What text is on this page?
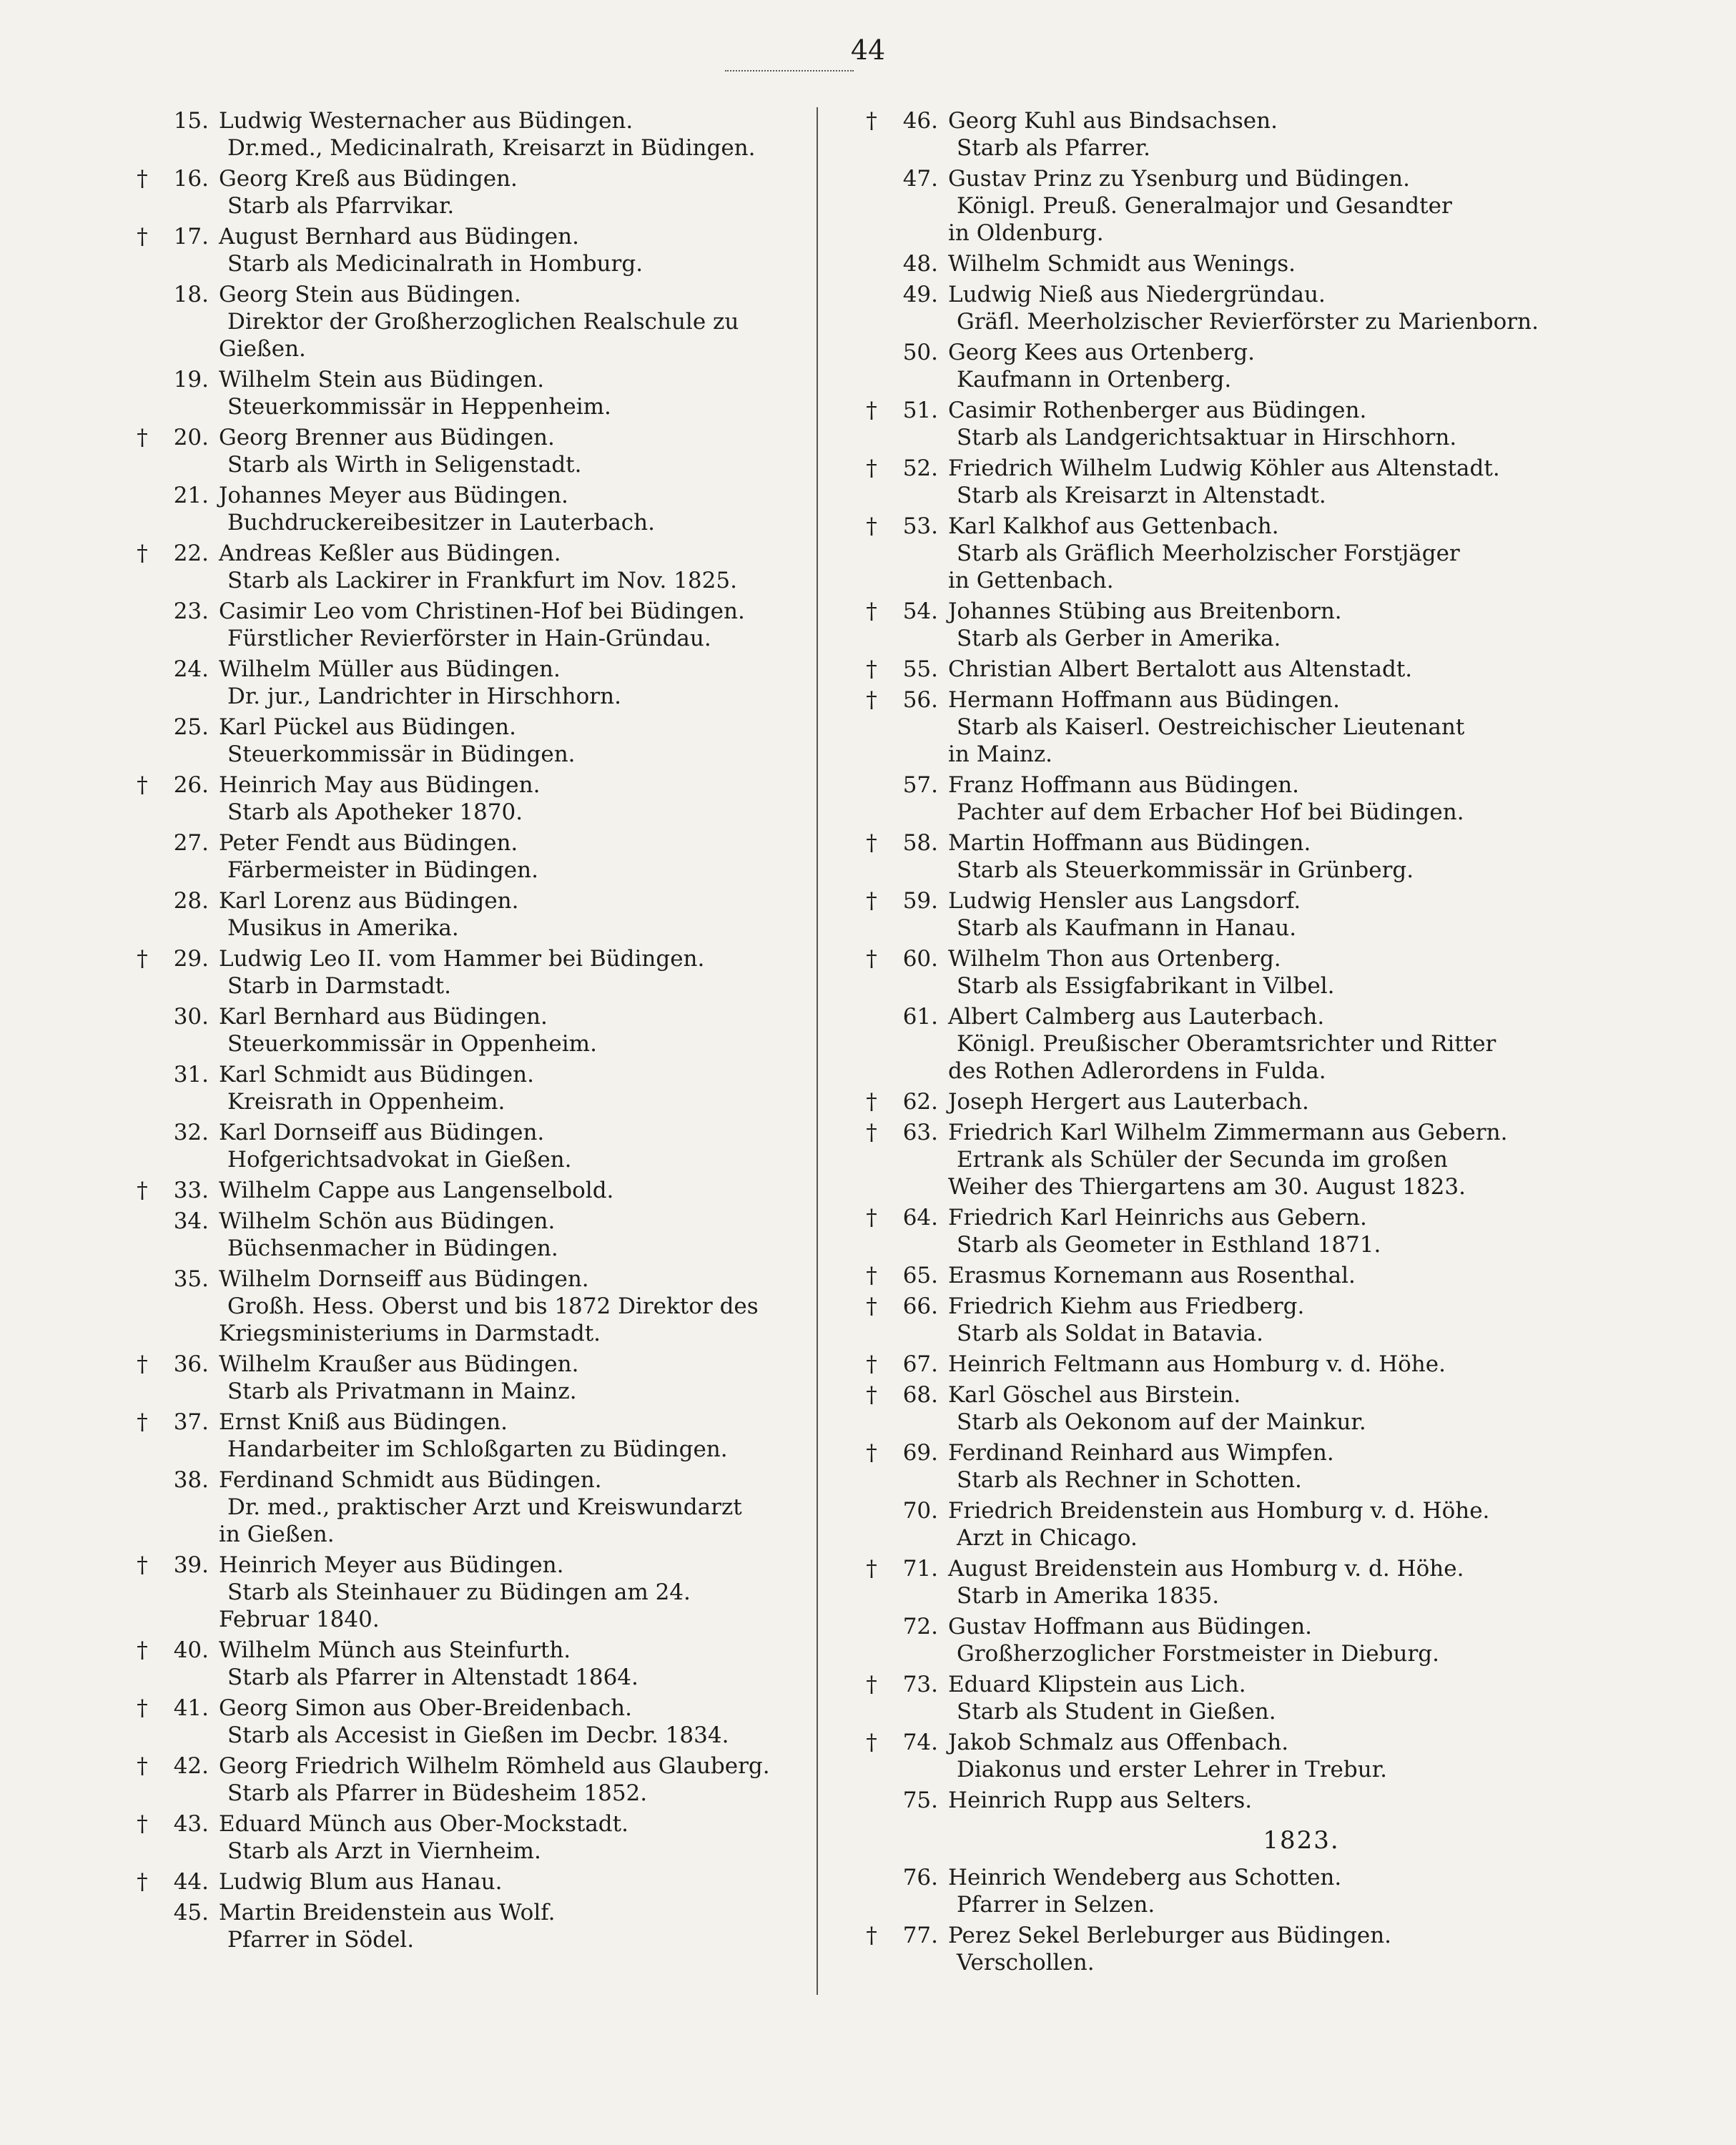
44
15. Ludwig Westernacher aus Büdingen.
Dr.med., Medicinalrath, Kreisarzt in Büdingen.
†	16. Georg Kreß aus Büdingen.
Starb als Pfarrvikar.
†	17. August Bernhard aus Büdingen.
Starb als Medicinalrath in Homburg.
18. Georg Stein aus Büdingen.
Direktor der Großherzoglichen Realschule zu
Gießen.
19. Wilhelm Stein aus Büdingen.
Steuerkommissär in Heppenheim.
†	20. Georg Brenner aus Büdingen.
Starb als Wirth in Seligenstadt.
21. Johannes Meyer aus Büdingen.
Buchdruckereibesitzer in Lauterbach.
†	22. Andreas Keßler aus Büdingen.
Starb als Lackirer in Frankfurt im Nov. 1825.
23. Casimir Leo vom Christinen-Hof bei Büdingen.
Fürstlicher Revierförster in Hain-Gründau.
24. Wilhelm Müller aus Büdingen.
Dr. jur., Landrichter in Hirschhorn.
25. Karl Pückel aus Büdingen.
Steuerkommissär in Büdingen.
†	26. Heinrich May aus Büdingen.
Starb als Apotheker 1870.
27. Peter Fendt aus Büdingen.
Färbermeister in Büdingen.
28. Karl Lorenz aus Büdingen.
Musikus in Amerika.
†	29. Ludwig Leo II. vom Hammer bei Büdingen.
Starb in Darmstadt.
30. Karl Bernhard aus Büdingen.
Steuerkommissär in Oppenheim.
31. Karl Schmidt aus Büdingen.
Kreisrath in Oppenheim.
32. Karl Dornseiff aus Büdingen.
Hofgerichtsadvokat in Gießen.
†	33. Wilhelm Cappe aus Langenselbold.
34. Wilhelm Schön aus Büdingen.
Büchsenmacher in Büdingen.
35. Wilhelm Dornseiff aus Büdingen.
Großh. Hess. Oberst und bis 1872 Direktor des
Kriegsministeriums in Darmstadt.
†	36. Wilhelm Kraußer aus Büdingen.
Starb als Privatmann in Mainz.
†	37. Ernst Kniß aus Büdingen.
Handarbeiter im Schloßgarten zu Büdingen.
38. Ferdinand Schmidt aus Büdingen.
Dr. med., praktischer Arzt und Kreiswundarzt
in Gießen.
†	39. Heinrich Meyer aus Büdingen.
Starb als Steinhauer zu Büdingen am 24.
Februar 1840.
†	40. Wilhelm Münch aus Steinfurth.
Starb als Pfarrer in Altenstadt 1864.
†	41. Georg Simon aus Ober-Breidenbach.
Starb als Accesist in Gießen im Decbr. 1834.
†	42. Georg Friedrich Wilhelm Römheld aus Glauberg.
Starb als Pfarrer in Büdesheim 1852.
†	43. Eduard Münch aus Ober-Mockstadt.
Starb als Arzt in Viernheim.
†	44. Ludwig Blum aus Hanau.
45. Martin Breidenstein aus Wolf.
Pfarrer in Södel.
†	46. Georg Kuhl aus Bindsachsen.
Starb als Pfarrer.
47. Gustav Prinz zu Ysenburg und Büdingen.
Königl. Preuß. Generalmajor und Gesandter
in Oldenburg.
48. Wilhelm Schmidt aus Wenings.
49. Ludwig Nieß aus Niedergründau.
Gräfl. Meerholzischer Revierförster zu Marienborn.
50. Georg Kees aus Ortenberg.
Kaufmann in Ortenberg.
†	51. Casimir Rothenberger aus Büdingen.
Starb als Landgerichtsaktuar in Hirschhorn.
†	52. Friedrich Wilhelm Ludwig Köhler aus Altenstadt.
Starb als Kreisarzt in Altenstadt.
†	53. Karl Kalkhof aus Gettenbach.
Starb als Gräflich Meerholzischer Forstjäger
in Gettenbach.
†	54. Johannes Stübing aus Breitenborn.
Starb als Gerber in Amerika.
†	55. Christian Albert Bertalott aus Altenstadt.
†	56. Hermann Hoffmann aus Büdingen.
Starb als Kaiserl. Oestreichischer Lieutenant
in Mainz.
57. Franz Hoffmann aus Büdingen.
Pachter auf dem Erbacher Hof bei Büdingen.
†	58. Martin Hoffmann aus Büdingen.
Starb als Steuerkommissär in Grünberg.
†	59. Ludwig Hensler aus Langsdorf.
Starb als Kaufmann in Hanau.
†	60. Wilhelm Thon aus Ortenberg.
Starb als Essigfabrikant in Vilbel.
61. Albert Calmberg aus Lauterbach.
Königl. Preußischer Oberamtsrichter und Ritter
des Rothen Adlerordens in Fulda.
†	62. Joseph Hergert aus Lauterbach.
†	63. Friedrich Karl Wilhelm Zimmermann aus Gebern.
Ertrank als Schüler der Secunda im großen
Weiher des Thiergartens am 30. August 1823.
†	64. Friedrich Karl Heinrichs aus Gebern.
Starb als Geometer in Esthland 1871.
†	65. Erasmus Kornemann aus Rosenthal.
†	66. Friedrich Kiehm aus Friedberg.
Starb als Soldat in Batavia.
†	67. Heinrich Feltmann aus Homburg v. d. Höhe.
†	68. Karl Göschel aus Birstein.
Starb als Oekonom auf der Mainkur.
†	69. Ferdinand Reinhard aus Wimpfen.
Starb als Rechner in Schotten.
70. Friedrich Breidenstein aus Homburg v. d. Höhe.
Arzt in Chicago.
†	71. August Breidenstein aus Homburg v. d. Höhe.
Starb in Amerika 1835.
72. Gustav Hoffmann aus Büdingen.
Großherzoglicher Forstmeister in Dieburg.
†	73. Eduard Klipstein aus Lich.
Starb als Student in Gießen.
†	74. Jakob Schmalz aus Offenbach.
Diakonus und erster Lehrer in Trebur.
75. Heinrich Rupp aus Selters.
1823.
76. Heinrich Wendeberg aus Schotten.
Pfarrer in Selzen.
†	77. Perez Sekel Berleburger aus Büdingen.
Verschollen.
